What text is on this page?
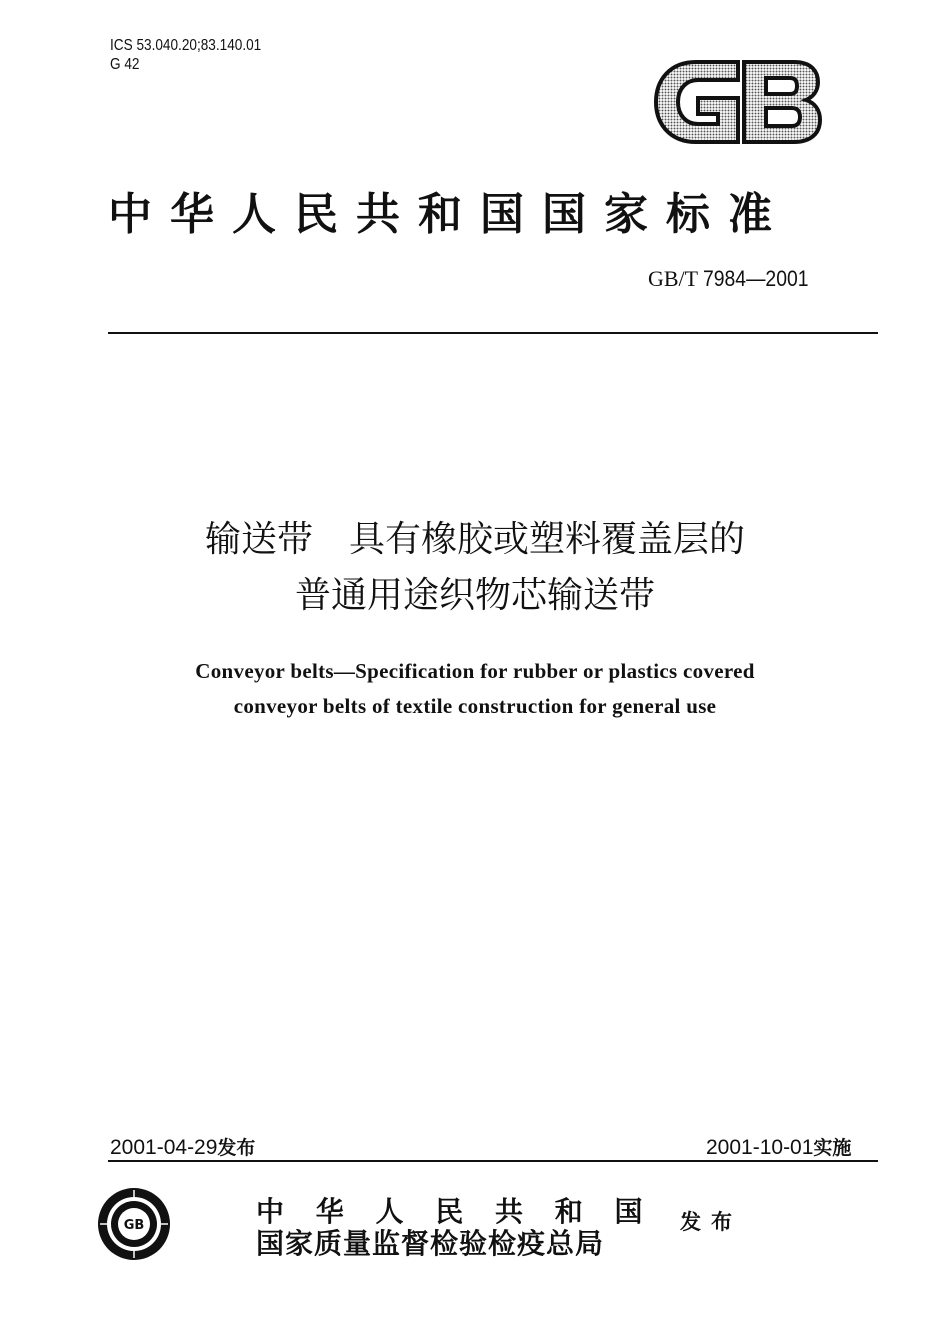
ICS 53.040.20;83.140.01
G 42	GB
中华人民共和国国家标准
GB/T 7984—2001
输送带　具有橡胶或塑料覆盖层的
普通用途织物芯输送带
Conveyor belts—Specification for rubber or plastics covered
conveyor belts of textile construction for general use
2001-04-29发布	2001-10-01实施
GB	中 华 人 民 共 和 国
国家质量监督检验检疫总局
发布
